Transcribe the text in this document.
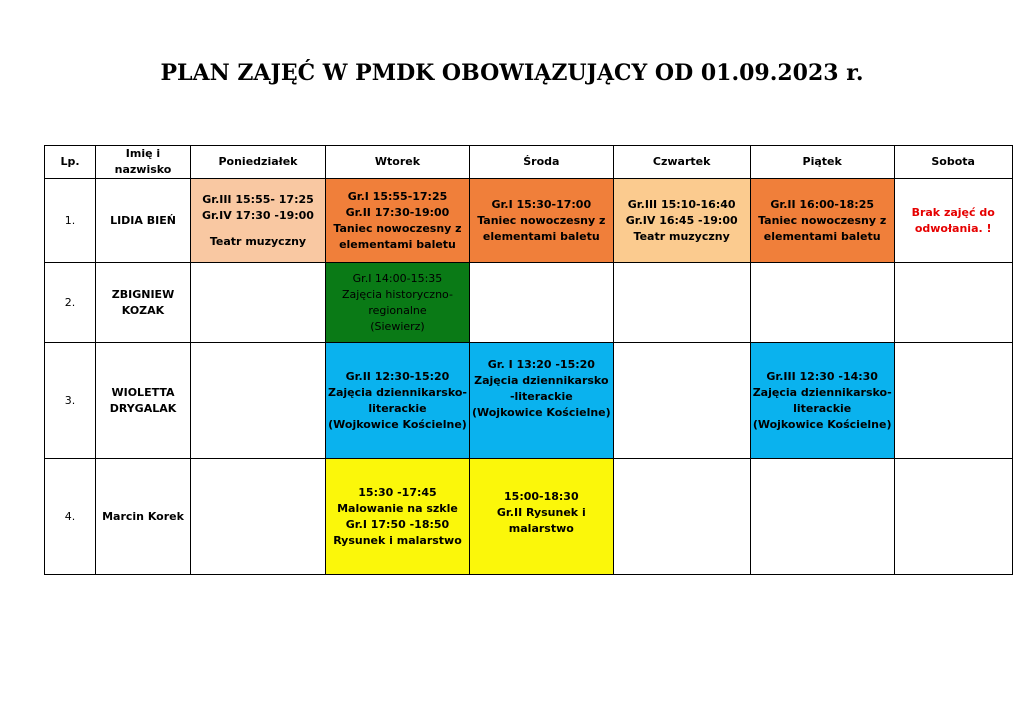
PLAN ZAJĘĆ W PMDK OBOWIĄZUJĄCY OD 01.09.2023 r.
Lp.	Imię i nazwisko	Poniedziałek	Wtorek	Środa	Czwartek	Piątek	Sobota
1.	LIDIA BIEŃ	Gr.III 15:55- 17:25
Gr.IV 17:30 -19:00
Teatr muzyczny	Gr.I 15:55-17:25
Gr.II 17:30-19:00
Taniec nowoczesny z
elementami baletu	Gr.I 15:30-17:00
Taniec nowoczesny z
elementami baletu	Gr.III 15:10-16:40
Gr.IV 16:45 -19:00
Teatr muzyczny	Gr.II 16:00-18:25
Taniec nowoczesny z
elementami baletu	Brak zajęć do
odwołania. !

2.	ZBIGNIEW
KOZAK		Gr.I 14:00-15:35
Zajęcia historyczno-
regionalne
(Siewierz)				

3.	WIOLETTA
DRYGALAK		Gr.II 12:30-15:20
Zajęcia dziennikarsko-
literackie
(Wojkowice Kościelne)	Gr. I 13:20 -15:20
Zajęcia dziennikarsko
-literackie
(Wojkowice Kościelne)		Gr.III 12:30 -14:30
Zajęcia dziennikarsko-
literackie
(Wojkowice Kościelne)	

4.	Marcin Korek		15:30 -17:45
Malowanie na szkle
Gr.I 17:50 -18:50
Rysunek i malarstwo	15:00-18:30
Gr.II Rysunek i
malarstwo			
